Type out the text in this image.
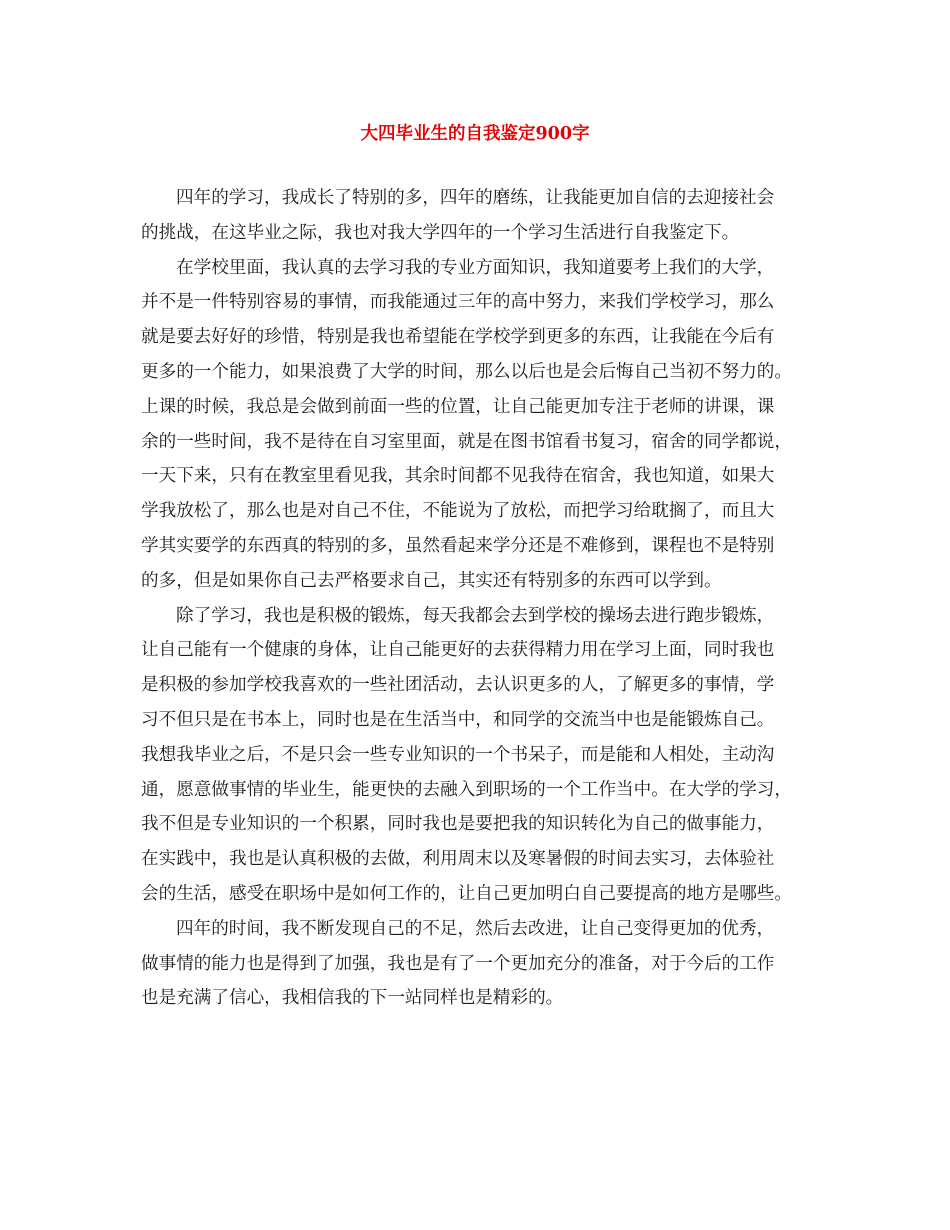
大四毕业生的自我鉴定900字
四年的学习，我成长了特别的多，四年的磨练，让我能更加自信的去迎接社会
的挑战，在这毕业之际，我也对我大学四年的一个学习生活进行自我鉴定下。
在学校里面，我认真的去学习我的专业方面知识，我知道要考上我们的大学，
并不是一件特别容易的事情，而我能通过三年的高中努力，来我们学校学习，那么
就是要去好好的珍惜，特别是我也希望能在学校学到更多的东西，让我能在今后有
更多的一个能力，如果浪费了大学的时间，那么以后也是会后悔自己当初不努力的。
上课的时候，我总是会做到前面一些的位置，让自己能更加专注于老师的讲课，课
余的一些时间，我不是待在自习室里面，就是在图书馆看书复习，宿舍的同学都说，
一天下来，只有在教室里看见我，其余时间都不见我待在宿舍，我也知道，如果大
学我放松了，那么也是对自己不住，不能说为了放松，而把学习给耽搁了，而且大
学其实要学的东西真的特别的多，虽然看起来学分还是不难修到，课程也不是特别
的多，但是如果你自己去严格要求自己，其实还有特别多的东西可以学到。
除了学习，我也是积极的锻炼，每天我都会去到学校的操场去进行跑步锻炼，
让自己能有一个健康的身体，让自己能更好的去获得精力用在学习上面，同时我也
是积极的参加学校我喜欢的一些社团活动，去认识更多的人，了解更多的事情，学
习不但只是在书本上，同时也是在生活当中，和同学的交流当中也是能锻炼自己。
我想我毕业之后，不是只会一些专业知识的一个书呆子，而是能和人相处，主动沟
通，愿意做事情的毕业生，能更快的去融入到职场的一个工作当中。在大学的学习，
我不但是专业知识的一个积累，同时我也是要把我的知识转化为自己的做事能力，
在实践中，我也是认真积极的去做，利用周末以及寒暑假的时间去实习，去体验社
会的生活，感受在职场中是如何工作的，让自己更加明白自己要提高的地方是哪些。
四年的时间，我不断发现自己的不足，然后去改进，让自己变得更加的优秀，
做事情的能力也是得到了加强，我也是有了一个更加充分的准备，对于今后的工作
也是充满了信心，我相信我的下一站同样也是精彩的。
